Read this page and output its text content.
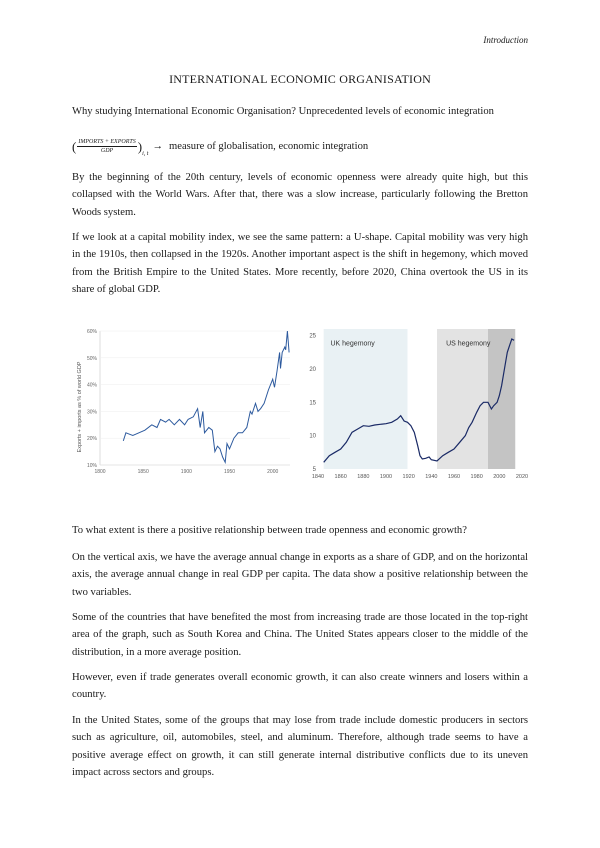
Introduction
INTERNATIONAL ECONOMIC ORGANISATION

Why studying International Economic Organisation? Unprecedented levels of economic integration

( $\frac{\text{IMPORTS + EXPORTS}}{\text{GDP}}$ )
i, t
→ measure of globalisation, economic integration

By the beginning of the 20th century, levels of economic openness were already quite high, but this collapsed with the World Wars. After that, there was a slow increase, particularly following the Bretton Woods system.

If we look at a capital mobility index, we see the same pattern: a U-shape. Capital mobility was very high in the 1910s, then collapsed in the 1920s. Another important aspect is the shift in hegemony, which moved from the British Empire to the United States. More recently, before 2020, China overtook the US in its share of global GDP.

Exports + imports as % of world GDP
10%
20%
30%
40%
50%
60%
1800	1850	1900	1950	2000
UK hegemony	US hegemony
5
10
15
20
25
1840 1860 1880 1900 1920 1940 1960 1980 2000 2020

To what extent is there a positive relationship between trade openness and economic growth?

On the vertical axis, we have the average annual change in exports as a share of GDP, and on the horizontal axis, the average annual change in real GDP per capita. The data show a positive relationship between the two variables.

Some of the countries that have benefited the most from increasing trade are those located in the top-right area of the graph, such as South Korea and China. The United States appears closer to the middle of the distribution, in a more average position.

However, even if trade generates overall economic growth, it can also create winners and losers within a country.

In the United States, some of the groups that may lose from trade include domestic producers in sectors such as agriculture, oil, automobiles, steel, and aluminum. Therefore, although trade seems to have a positive average effect on growth, it can still generate internal distributive conflicts due to its uneven impact across sectors and groups.
